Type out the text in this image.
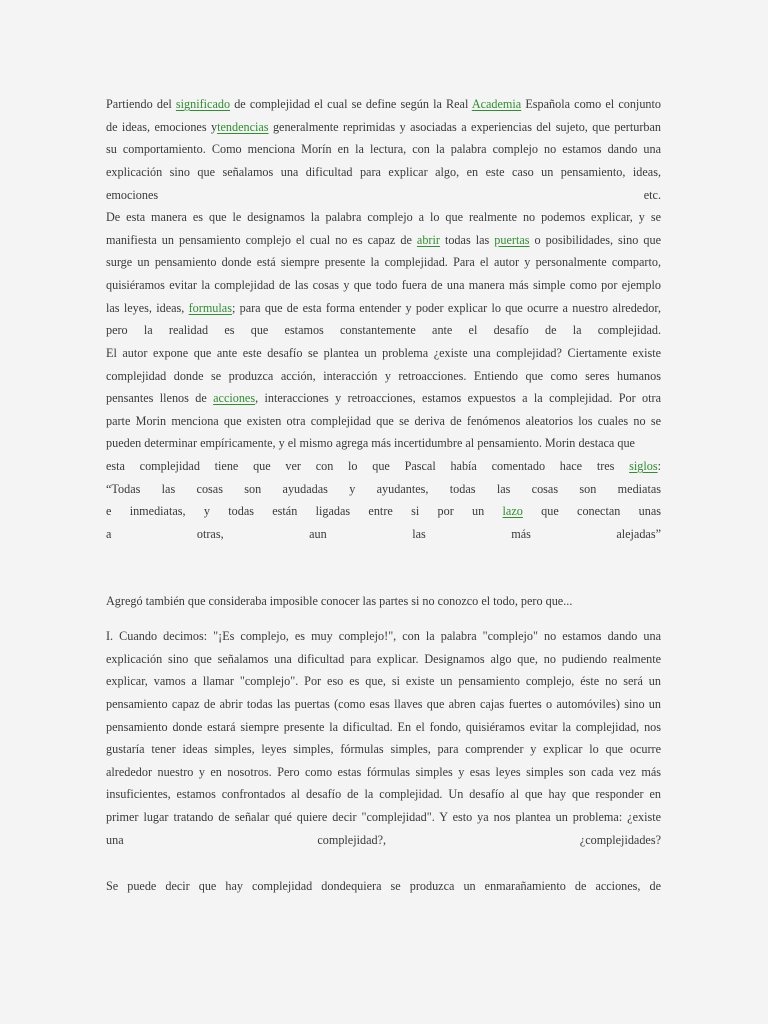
Partiendo del significado de complejidad el cual se define según la Real Academia Española como el conjunto
de ideas, emociones ytendencias generalmente reprimidas y asociadas a experiencias del sujeto, que perturban
su comportamiento. Como menciona Morín en la lectura, con la palabra complejo no estamos dando una
explicación sino que señalamos una dificultad para explicar algo, en este caso un pensamiento, ideas,
emociones etc.
De esta manera es que le designamos la palabra complejo a lo que realmente no podemos explicar, y se
manifiesta un pensamiento complejo el cual no es capaz de abrir todas las puertas o posibilidades, sino que
surge un pensamiento donde está siempre presente la complejidad. Para el autor y personalmente comparto,
quisiéramos evitar la complejidad de las cosas y que todo fuera de una manera más simple como por ejemplo
las leyes, ideas, formulas; para que de esta forma entender y poder explicar lo que ocurre a nuestro alrededor,
pero la realidad es que estamos constantemente ante el desafío de la complejidad.
El autor expone que ante este desafío se plantea un problema ¿existe una complejidad? Ciertamente existe
complejidad donde se produzca acción, interacción y retroacciones. Entiendo que como seres humanos
pensantes llenos de acciones, interacciones y retroacciones, estamos expuestos a la complejidad. Por otra
parte Morin menciona que existen otra complejidad que se deriva de fenómenos aleatorios los cuales no se
pueden determinar empíricamente, y el mismo agrega más incertidumbre al pensamiento. Morin destaca que
esta complejidad tiene que ver con lo que Pascal había comentado hace tres siglos:
“Todas las cosas son ayudadas y ayudantes, todas las cosas son mediatas
e inmediatas, y todas están ligadas entre si por un lazo que conectan unas
a otras, aun las más alejadas”
Agregó también que consideraba imposible conocer las partes si no conozco el todo, pero que...
I. Cuando decimos: "¡Es complejo, es muy complejo!", con la palabra "complejo" no estamos dando una
explicación sino que señalamos una dificultad para explicar. Designamos algo que, no pudiendo realmente
explicar, vamos a llamar "complejo". Por eso es que, si existe un pensamiento complejo, éste no será un
pensamiento capaz de abrir todas las puertas (como esas llaves que abren cajas fuertes o automóviles) sino un
pensamiento donde estará siempre presente la dificultad. En el fondo, quisiéramos evitar la complejidad, nos
gustaría tener ideas simples, leyes simples, fórmulas simples, para comprender y explicar lo que ocurre
alrededor nuestro y en nosotros. Pero como estas fórmulas simples y esas leyes simples son cada vez más
insuficientes, estamos confrontados al desafío de la complejidad. Un desafío al que hay que responder en
primer lugar tratando de señalar qué quiere decir "complejidad". Y esto ya nos plantea un problema: ¿existe
una complejidad?, ¿complejidades?
Se puede decir que hay complejidad dondequiera se produzca un enmarañamiento de acciones, de
